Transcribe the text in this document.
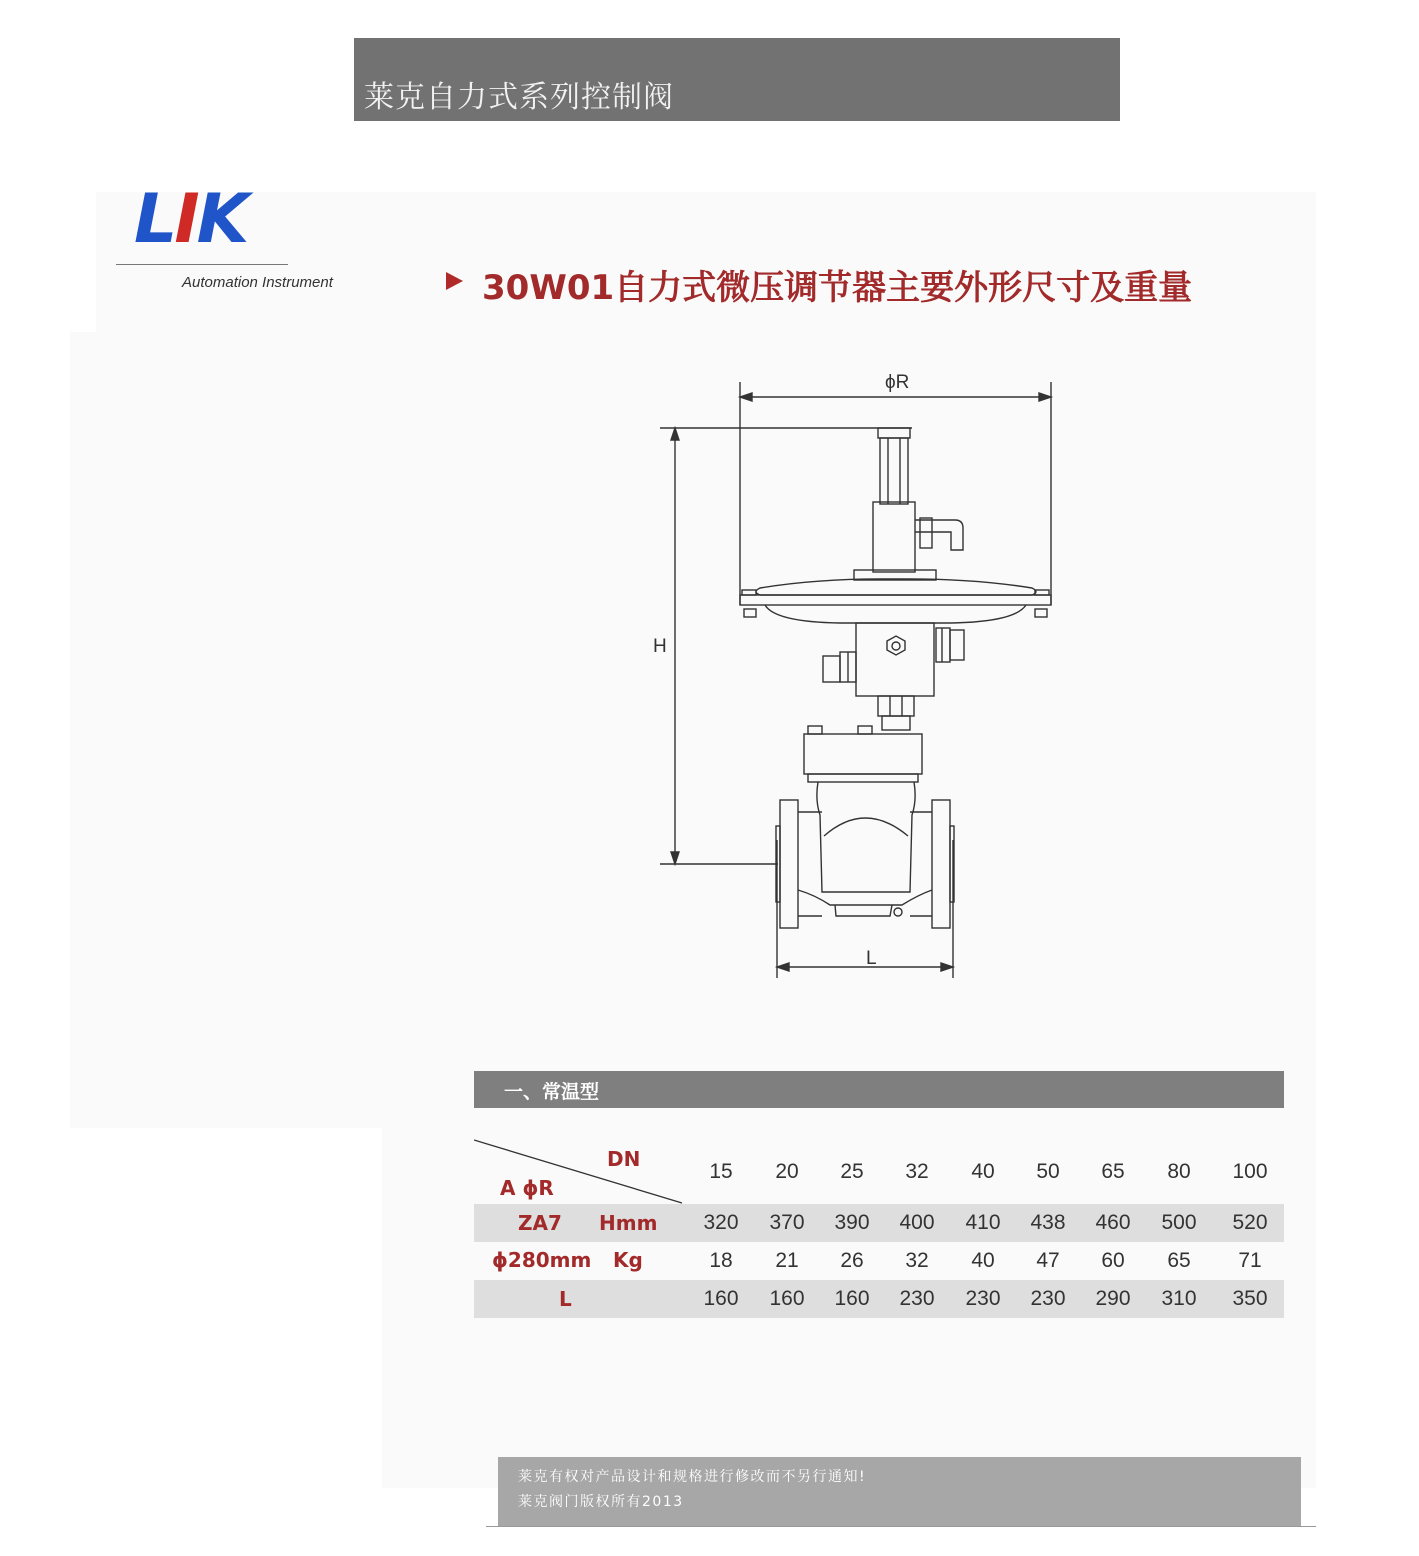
莱克自力式系列控制阀
LIK
Automation Instrument	30W01自力式微压调节器主要外形尺寸及重量
ϕR
H
L
一、常温型
DN
A ϕR
15	20	25	32	40	50	65	80	100
ZA7 Hmm	320	370	390	400	410	438	460	500	520
ϕ280mm Kg	18	21	26	32	40	47	60	65	71
L	160	160	160	230	230	230	290	310	350
莱克有权对产品设计和规格进行修改而不另行通知!
莱克阀门版权所有2013
